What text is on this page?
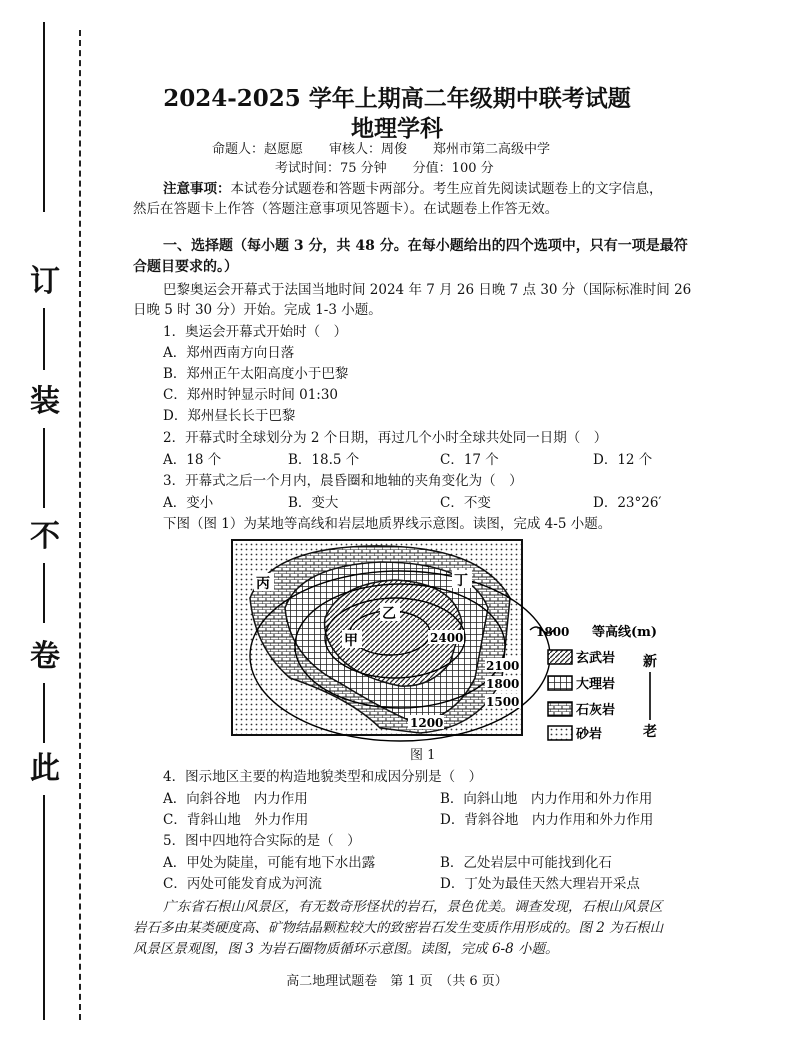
订
装
不
卷
此
2024-2025 学年上期高二年级期中联考试题
地理学科
命题人：赵愿愿　　审核人：周俊　　郑州市第二高级中学
考试时间：75 分钟　　分值：100 分
注意事项：本试卷分试题卷和答题卡两部分。考生应首先阅读试题卷上的文字信息，
然后在答题卡上作答（答题注意事项见答题卡）。在试题卷上作答无效。
一、选择题（每小题 3 分，共 48 分。在每小题给出的四个选项中，只有一项是最符
合题目要求的。）
巴黎奥运会开幕式于法国当地时间 2024 年 7 月 26 日晚 7 点 30 分（国际标准时间 26
日晚 5 时 30 分）开始。完成 1-3 小题。
1．奥运会开幕式开始时（　）
A．郑州西南方向日落
B．郑州正午太阳高度小于巴黎
C．郑州时钟显示时间 01:30
D．郑州昼长长于巴黎
2．开幕式时全球划分为 2 个日期，再过几个小时全球共处同一日期（　）
A．18 个	B．18.5 个	C．17 个	D．12 个
3．开幕式之后一个月内，晨昏圈和地轴的夹角变化为（　）
A．变小	B．变大	C．不变	D．23°26′
下图（图 1）为某地等高线和岩层地质界线示意图。读图，完成 4-5 小题。
2400
2100
1800
1500
1200
丙	丁
乙
甲
1800 等高线(m)
玄武岩
大理岩
石灰岩
砂岩
新
老
图 1
4．图示地区主要的构造地貌类型和成因分别是（　）
A．向斜谷地　内力作用	B．向斜山地　内力作用和外力作用
C．背斜山地　外力作用	D．背斜谷地　内力作用和外力作用
5．图中四地符合实际的是（　）
A．甲处为陡崖，可能有地下水出露	B．乙处岩层中可能找到化石
C．丙处可能发育成为河流	D．丁处为最佳天然大理岩开采点
广东省石根山风景区，有无数奇形怪状的岩石，景色优美。调查发现，石根山风景区
岩石多由某类硬度高、矿物结晶颗粒较大的致密岩石发生变质作用形成的。图 2 为石根山
风景区景观图，图 3 为岩石圈物质循环示意图。读图，完成 6-8 小题。
高二地理试题卷　第 1 页　（共 6 页）
